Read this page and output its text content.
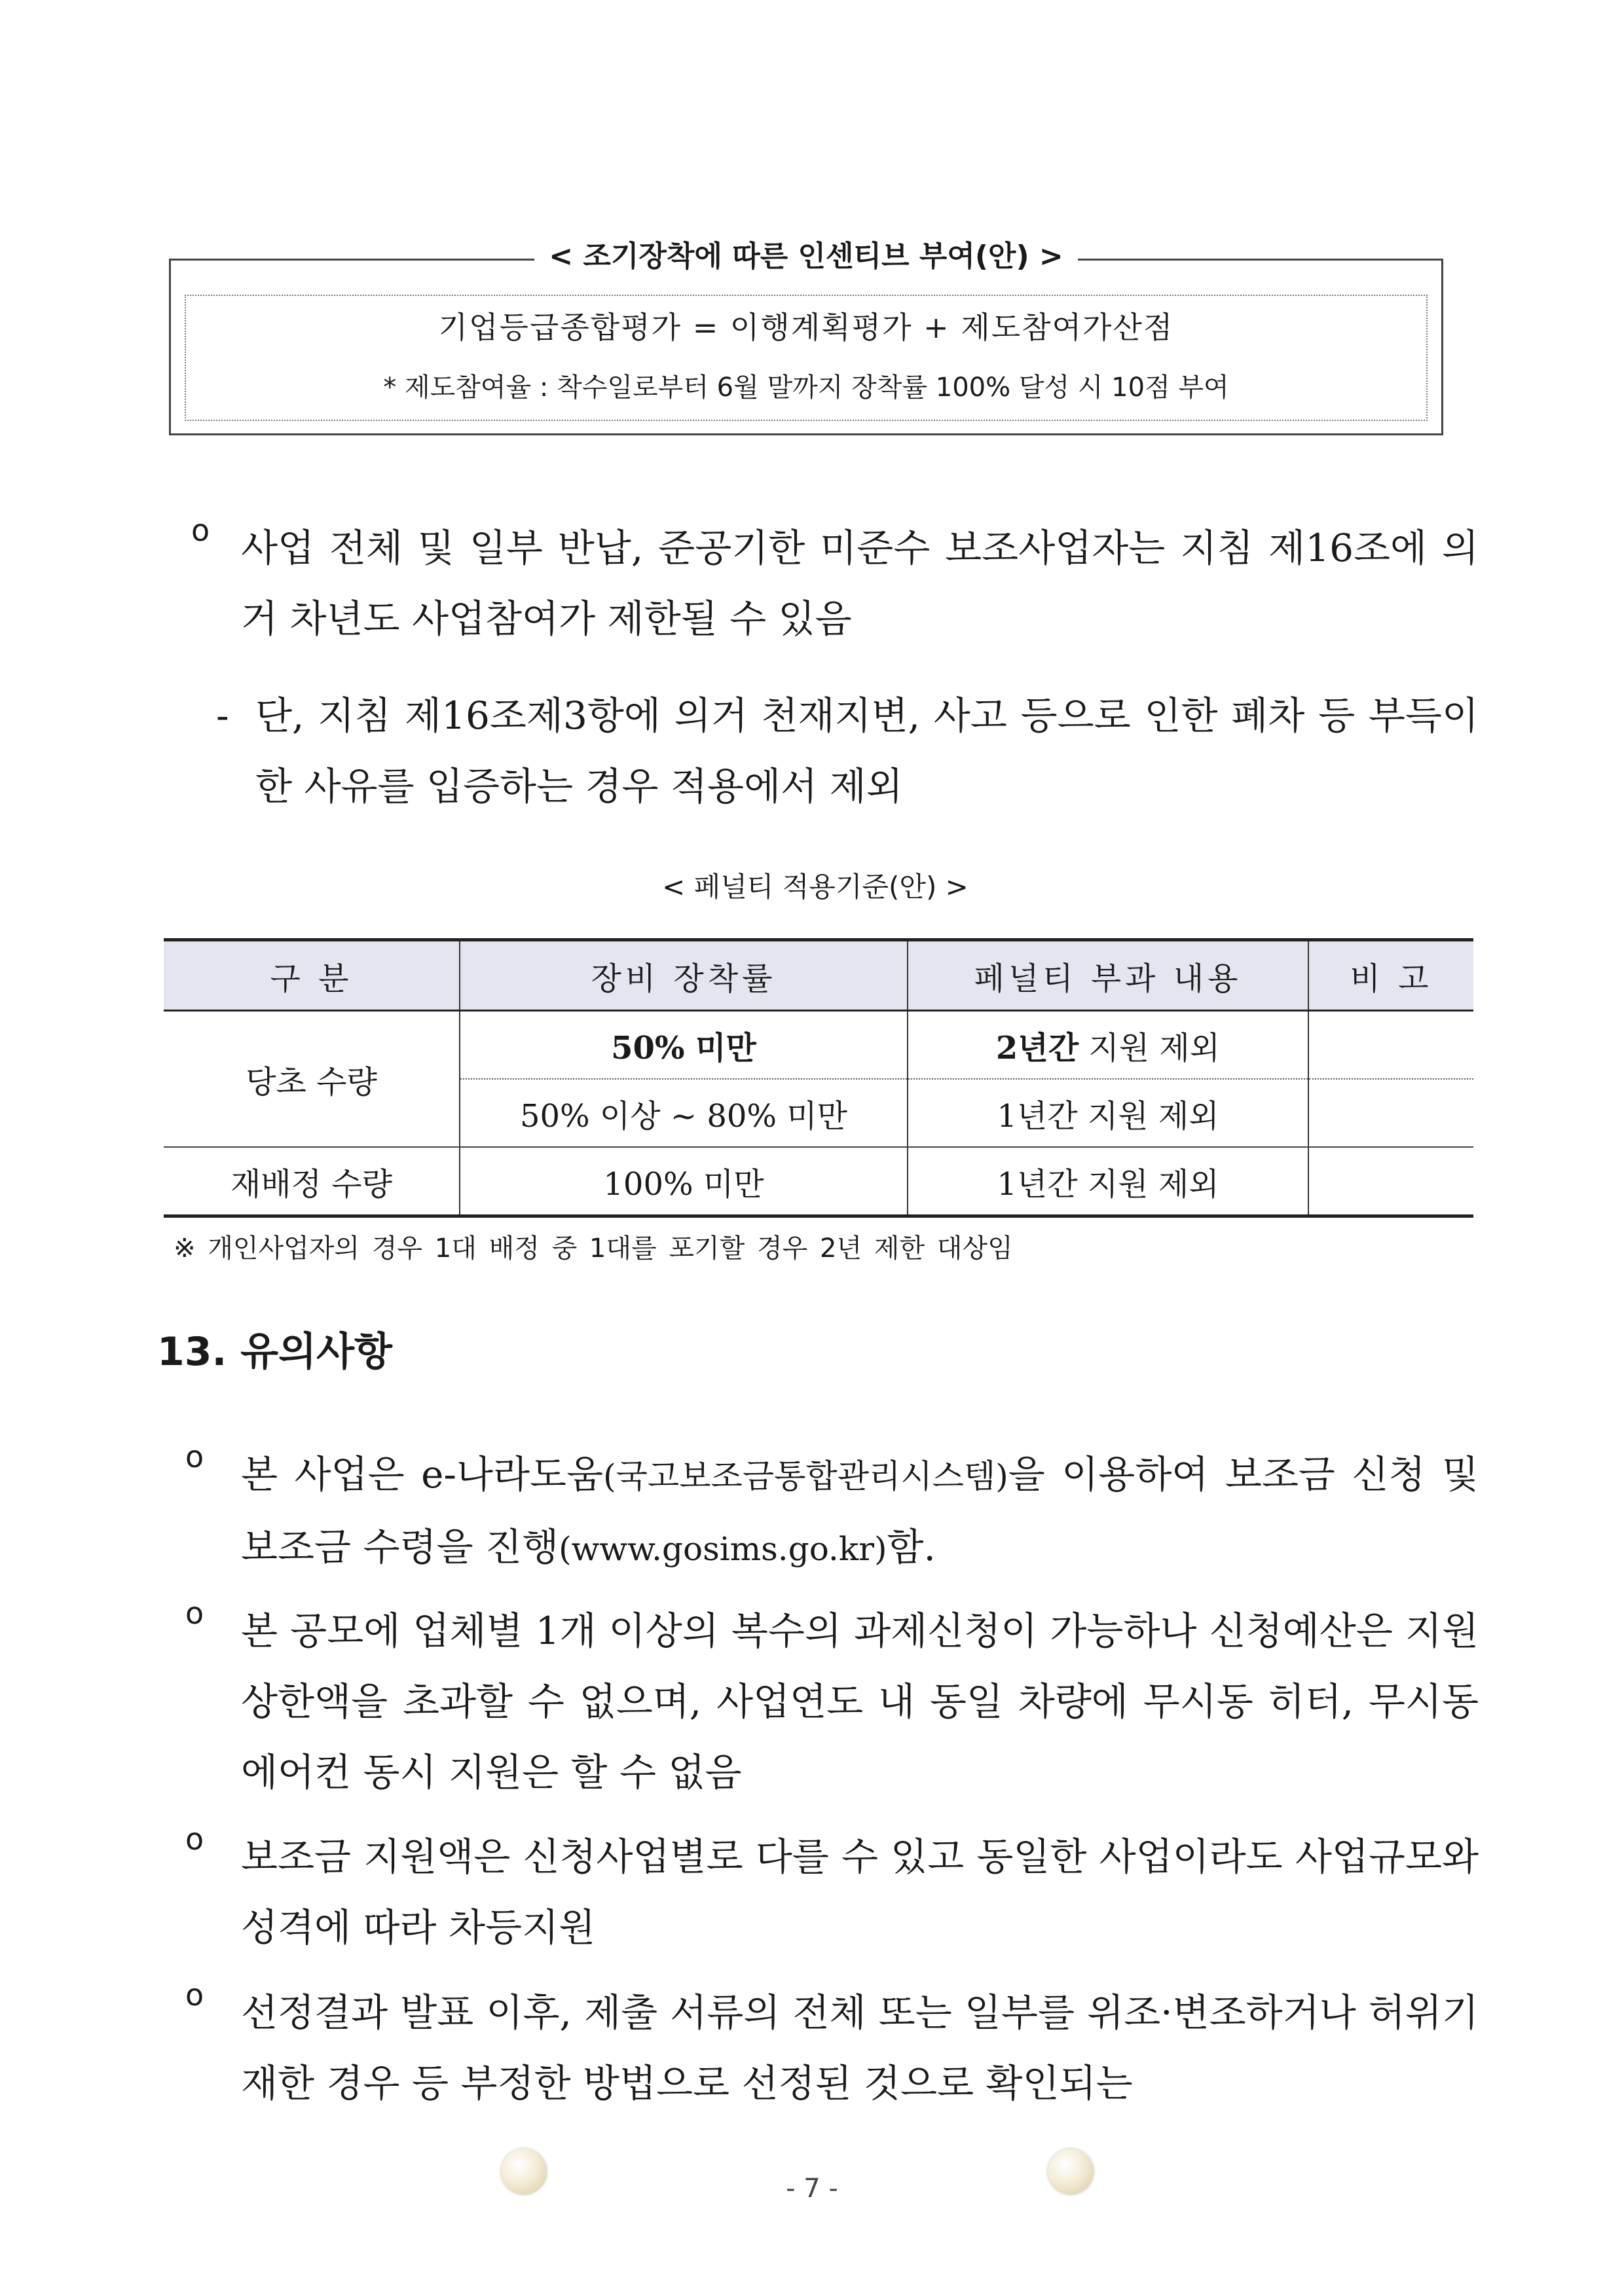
< 조기장착에 따른 인센티브 부여(안) >
기업등급종합평가 = 이행계획평가 + 제도참여가산점
* 제도참여율 : 착수일로부터 6월 말까지 장착률 100% 달성 시 10점 부여
o 사업 전체 및 일부 반납, 준공기한 미준수 보조사업자는 지침 제16조에 의거 차년도 사업참여가 제한될 수 있음
- 단, 지침 제16조제3항에 의거 천재지변, 사고 등으로 인한 폐차 등 부득이한 사유를 입증하는 경우 적용에서 제외
< 페널티 적용기준(안) >
구 분	장비 장착률	페널티 부과 내용	비 고
당초 수량	50% 미만	2년간 지원 제외	
	50% 이상 ~ 80% 미만	1년간 지원 제외	
재배정 수량	100% 미만	1년간 지원 제외	
※ 개인사업자의 경우 1대 배정 중 1대를 포기할 경우 2년 제한 대상임
13. 유의사항
o 본 사업은 e-나라도움(국고보조금통합관리시스템)을 이용하여 보조금 신청 및 보조금 수령을 진행(www.gosims.go.kr)함.
o 본 공모에 업체별 1개 이상의 복수의 과제신청이 가능하나 신청예산은 지원상한액을 초과할 수 없으며, 사업연도 내 동일 차량에 무시동 히터, 무시동 에어컨 동시 지원은 할 수 없음
o 보조금 지원액은 신청사업별로 다를 수 있고 동일한 사업이라도 사업규모와 성격에 따라 차등지원
o 선정결과 발표 이후, 제출 서류의 전체 또는 일부를 위조·변조하거나 허위기재한 경우 등 부정한 방법으로 선정된 것으로 확인되는
- 7 -
